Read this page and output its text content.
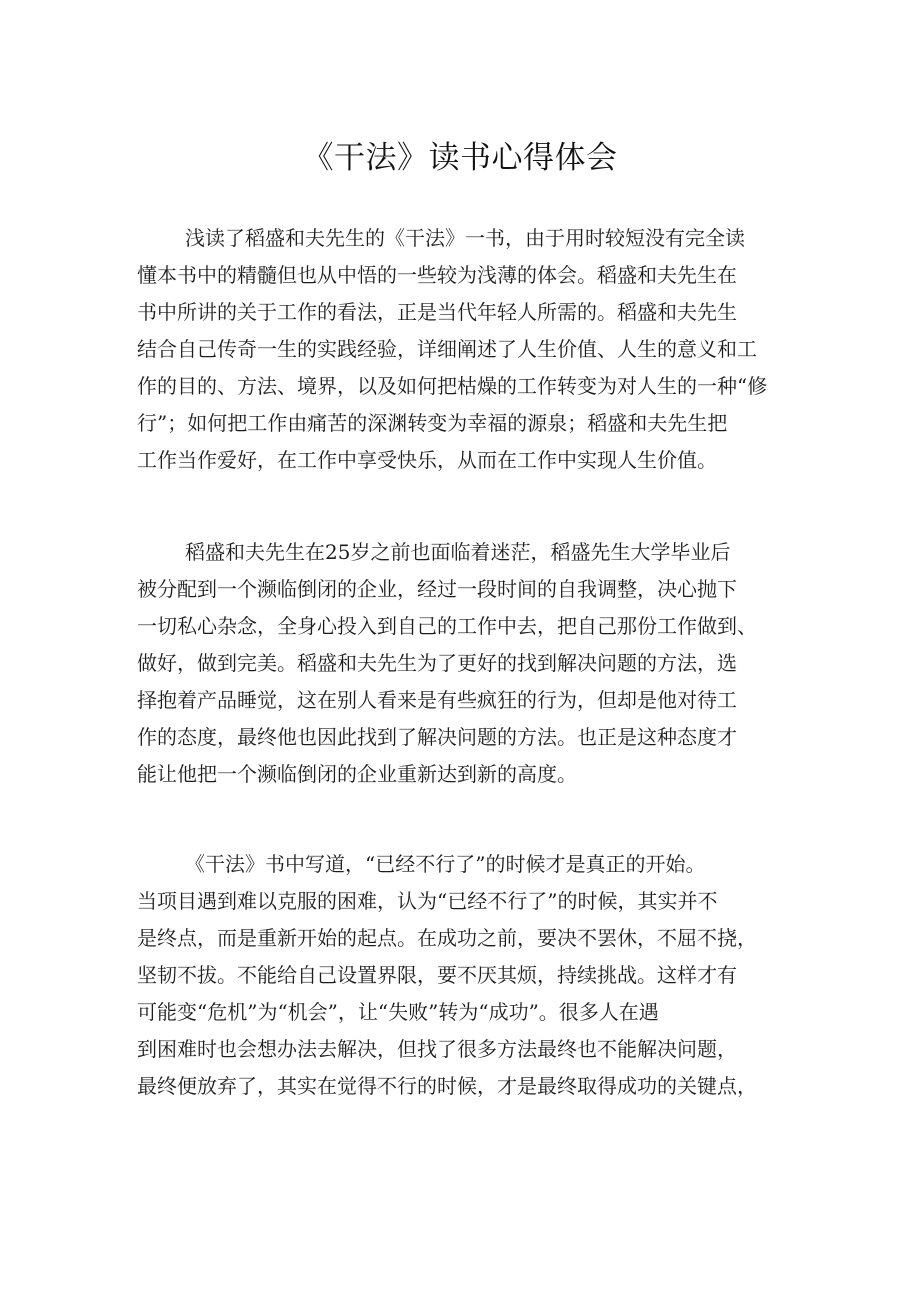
《干法》读书心得体会
浅读了稻盛和夫先生的《干法》一书，由于用时较短没有完全读
懂本书中的精髓但也从中悟的一些较为浅薄的体会。稻盛和夫先生在
书中所讲的关于工作的看法，正是当代年轻人所需的。稻盛和夫先生
结合自己传奇一生的实践经验，详细阐述了人生价值、人生的意义和工
作的目的、方法、境界，以及如何把枯燥的工作转变为对人生的一种“修
行”；如何把工作由痛苦的深渊转变为幸福的源泉；稻盛和夫先生把
工作当作爱好，在工作中享受快乐，从而在工作中实现人生价值。
稻盛和夫先生在25岁之前也面临着迷茫，稻盛先生大学毕业后
被分配到一个濒临倒闭的企业，经过一段时间的自我调整，决心抛下
一切私心杂念，全身心投入到自己的工作中去，把自己那份工作做到、
做好，做到完美。稻盛和夫先生为了更好的找到解决问题的方法，选
择抱着产品睡觉，这在别人看来是有些疯狂的行为，但却是他对待工
作的态度，最终他也因此找到了解决问题的方法。也正是这种态度才
能让他把一个濒临倒闭的企业重新达到新的高度。
《干法》书中写道，“已经不行了”的时候才是真正的开始。
当项目遇到难以克服的困难，认为“已经不行了”的时候，其实并不
是终点，而是重新开始的起点。在成功之前，要决不罢休，不屈不挠，
坚韧不拔。不能给自己设置界限，要不厌其烦，持续挑战。这样才有
可能变“危机”为“机会”，让“失败”转为“成功”。很多人在遇
到困难时也会想办法去解决，但找了很多方法最终也不能解决问题，
最终便放弃了，其实在觉得不行的时候，才是最终取得成功的关键点，
